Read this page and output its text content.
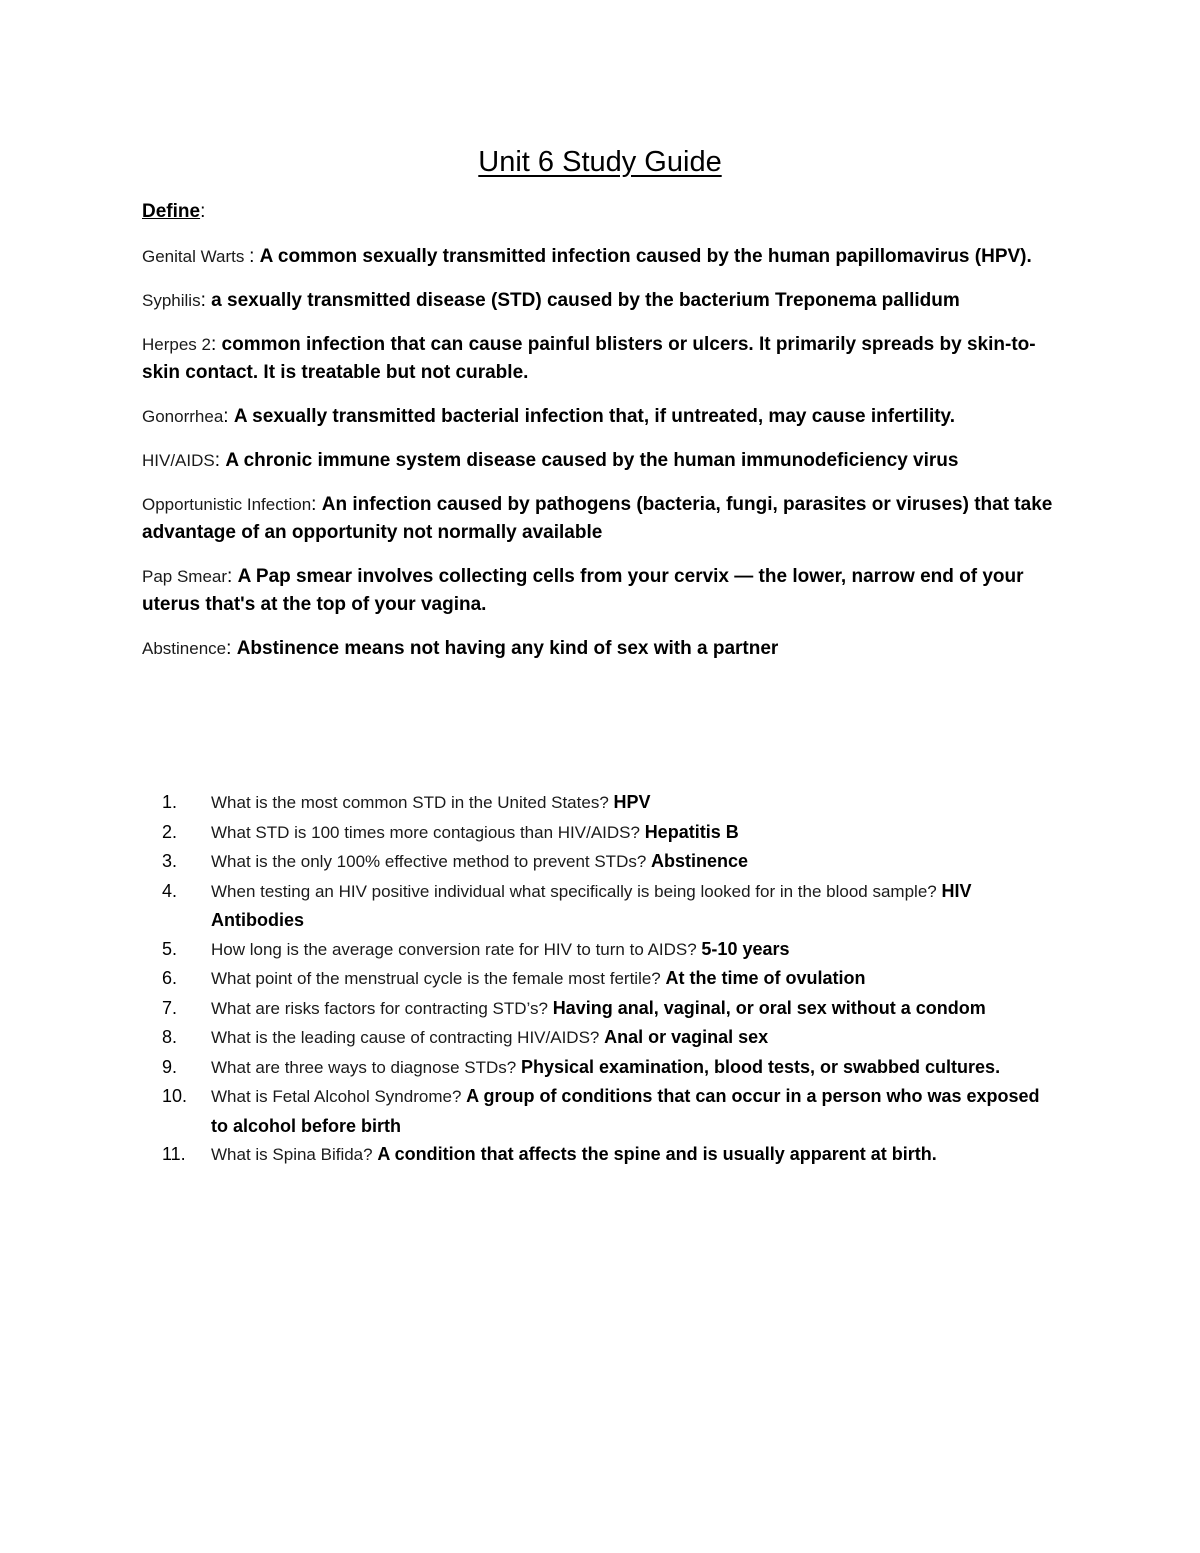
Unit 6 Study Guide
Define:

Genital Warts : A common sexually transmitted infection caused by the human papillomavirus (HPV).

Syphilis: a sexually transmitted disease (STD) caused by the bacterium Treponema pallidum

Herpes 2: common infection that can cause painful blisters or ulcers. It primarily spreads by skin-to-skin contact. It is treatable but not curable.

Gonorrhea: A sexually transmitted bacterial infection that, if untreated, may cause infertility.

HIV/AIDS: A chronic immune system disease caused by the human immunodeficiency virus

Opportunistic Infection: An infection caused by pathogens (bacteria, fungi, parasites or viruses) that take advantage of an opportunity not normally available

Pap Smear: A Pap smear involves collecting cells from your cervix — the lower, narrow end of your uterus that's at the top of your vagina.

Abstinence: Abstinence means not having any kind of sex with a partner

1.	What is the most common STD in the United States? HPV
2.	What STD is 100 times more contagious than HIV/AIDS? Hepatitis B
3.	What is the only 100% effective method to prevent STDs? Abstinence
4.	When testing an HIV positive individual what specifically is being looked for in the blood sample? HIV Antibodies
5.	How long is the average conversion rate for HIV to turn to AIDS? 5-10 years
6.	What point of the menstrual cycle is the female most fertile? At the time of ovulation
7.	What are risks factors for contracting STD’s? Having anal, vaginal, or oral sex without a condom
8.	What is the leading cause of contracting HIV/AIDS? Anal or vaginal sex
9.	What are three ways to diagnose STDs? Physical examination, blood tests, or swabbed cultures.
10.	What is Fetal Alcohol Syndrome? A group of conditions that can occur in a person who was exposed to alcohol before birth
11.	What is Spina Bifida? A condition that affects the spine and is usually apparent at birth.
